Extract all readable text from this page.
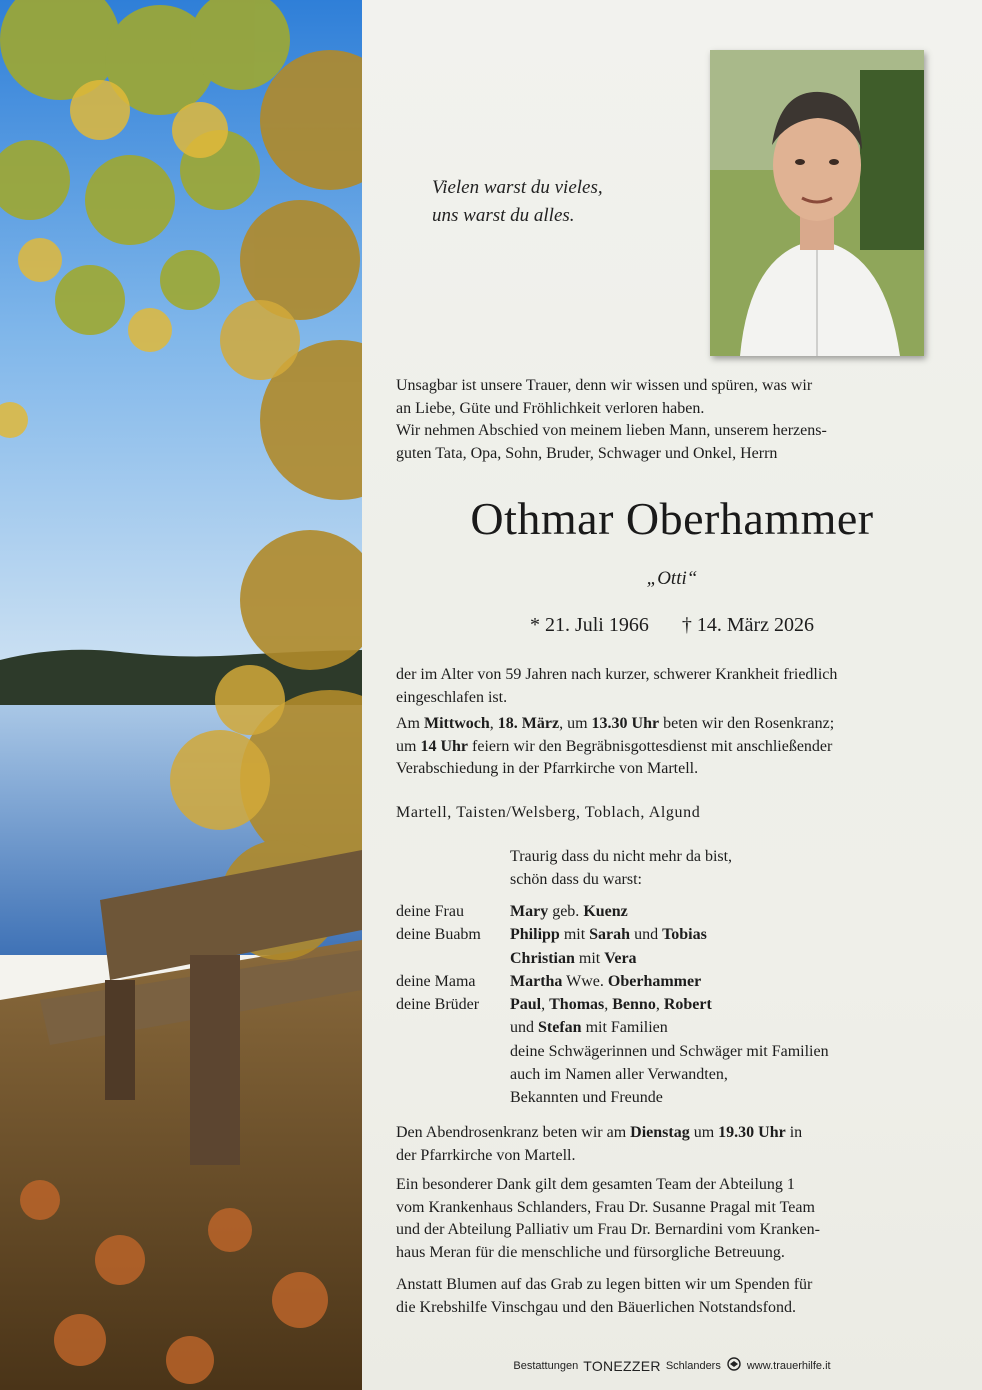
Vielen warst du vieles,
uns warst du alles.
Unsagbar ist unsere Trauer, denn wir wissen und spüren, was wir
an Liebe, Güte und Fröhlichkeit verloren haben.
Wir nehmen Abschied von meinem lieben Mann, unserem herzens-
guten Tata, Opa, Sohn, Bruder, Schwager und Onkel, Herrn
Othmar Oberhammer
„Otti“
* 21. Juli 1966 † 14. März 2026
der im Alter von 59 Jahren nach kurzer, schwerer Krankheit friedlich
eingeschlafen ist.
Am Mittwoch, 18. März, um 13.30 Uhr beten wir den Rosenkranz;
um 14 Uhr feiern wir den Begräbnisgottesdienst mit anschließender
Verabschiedung in der Pfarrkirche von Martell.
Martell, Taisten/Welsberg, Toblach, Algund
Traurig dass du nicht mehr da bist,
schön dass du warst:
deine Frau	Mary geb. Kuenz
deine Buabm	Philipp mit Sarah und Tobias
Christian mit Vera
deine Mama	Martha Wwe. Oberhammer
deine Brüder	Paul, Thomas, Benno, Robert
und Stefan mit Familien
deine Schwägerinnen und Schwäger mit Familien
auch im Namen aller Verwandten,
Bekannten und Freunde
Den Abendrosenkranz beten wir am Dienstag um 19.30 Uhr in
der Pfarrkirche von Martell.
Ein besonderer Dank gilt dem gesamten Team der Abteilung 1
vom Krankenhaus Schlanders, Frau Dr. Susanne Pragal mit Team
und der Abteilung Palliativ um Frau Dr. Bernardini vom Kranken-
haus Meran für die menschliche und fürsorgliche Betreuung.
Anstatt Blumen auf das Grab zu legen bitten wir um Spenden für
die Krebshilfe Vinschgau und den Bäuerlichen Notstandsfond.
Bestattungen TONEZZER Schlanders www.trauerhilfe.it
